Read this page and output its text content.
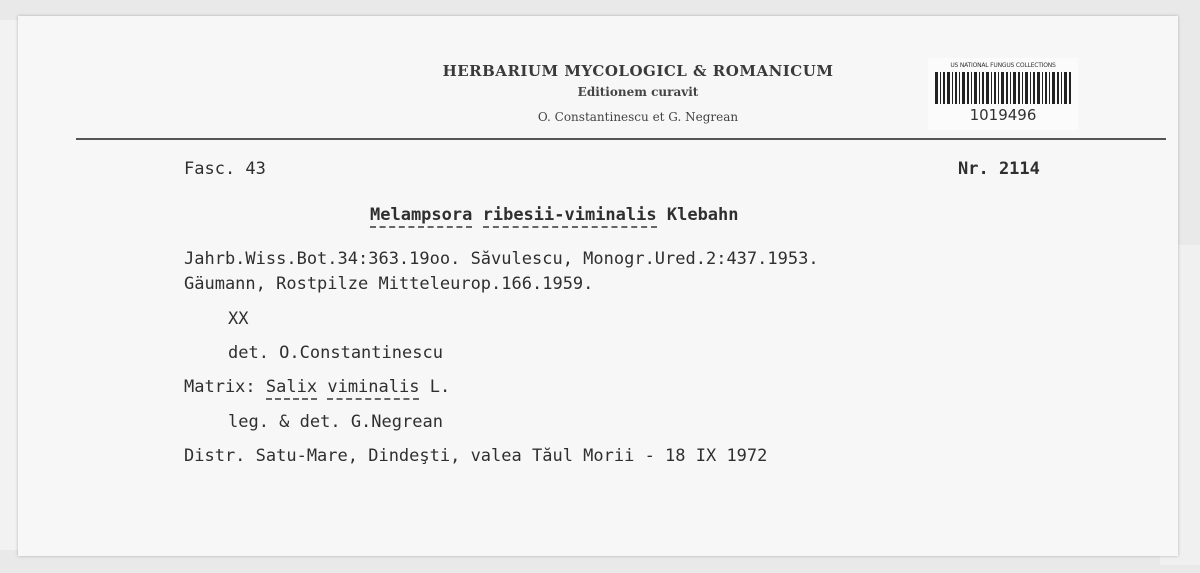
HERBARIUM MYCOLOGICL & ROMANICUM
Editionem curavit
O. Constantinescu et G. Negrean
US NATIONAL FUNGUS COLLECTIONS
1019496
Fasc. 43	Nr. 2114
Melampsora ribesii-viminalis Klebahn
Jahrb.Wiss.Bot.34:363.19oo. Săvulescu, Monogr.Ured.2:437.1953.
Gäumann, Rostpilze Mitteleurop.166.1959.
XX
det. O.Constantinescu
Matrix: Salix viminalis L.
leg. & det. G.Negrean
Distr. Satu-Mare, Dindeşti, valea Tăul Morii - 18 IX 1972
